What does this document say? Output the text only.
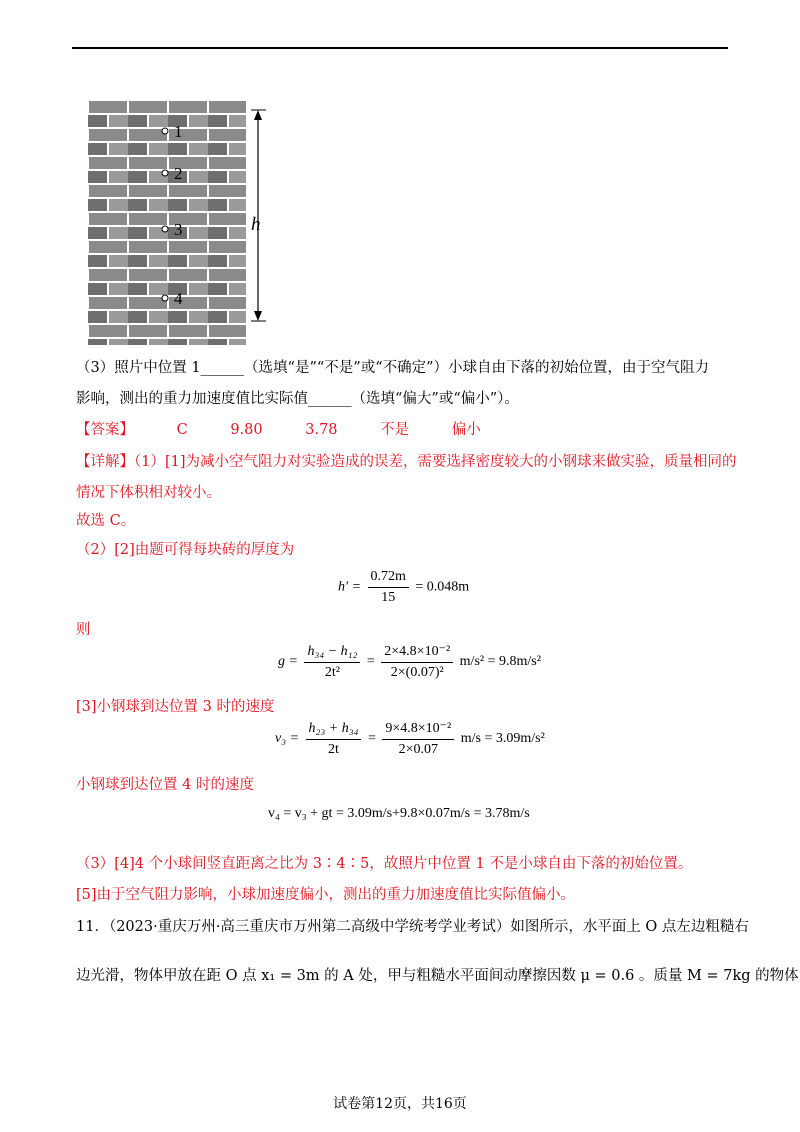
1
2
3
4
h
（3）照片中位置 1______（选填“是”“不是”或“不确定”）小球自由下落的初始位置，由于空气阻力
影响，测出的重力加速度值比实际值______（选填“偏大”或“偏小”）。
【答案】	C	9.80	3.78	不是	偏小
【详解】（1）[1]为减小空气阻力对实验造成的误差，需要选择密度较大的小钢球来做实验，质量相同的
情况下体积相对较小。
故选 C。
（2）[2]由题可得每块砖的厚度为
$h' = \frac{0.72m}{15} = 0.048m$
则
$g = \frac{\text{h₃₄ − h₁₂}}{\text{2t²}} = \frac{\text{2×4.8×10⁻²}}{\text{2×(0.07)²}} m/s^2 = 9.8m/s^2$
[3]小钢球到达位置 3 时的速度
$v_3 = \frac{\text{h₂₃ + h₃₄}}{2t} = \frac{\text{9×4.8×10⁻²}}{2\times 0.07} m/s = 3.09m/s^2$
小钢球到达位置 4 时的速度
v₄ = v₃ + gt = 3.09m/s+9.8×0.07m/s = 3.78m/s
（3）[4]4 个小球间竖直距离之比为 3∶4∶5，故照片中位置 1 不是小球自由下落的初始位置。
[5]由于空气阻力影响，小球加速度偏小，测出的重力加速度值比实际值偏小。
11．（2023·重庆万州·高三重庆市万州第二高级中学统考学业考试）如图所示，水平面上 O 点左边粗糙右
边光滑，物体甲放在距 O 点 x₁ = 3m 的 A 处，甲与粗糙水平面间动摩擦因数 μ = 0.6 。质量 M = 7kg 的物体
试卷第12页，共16页
